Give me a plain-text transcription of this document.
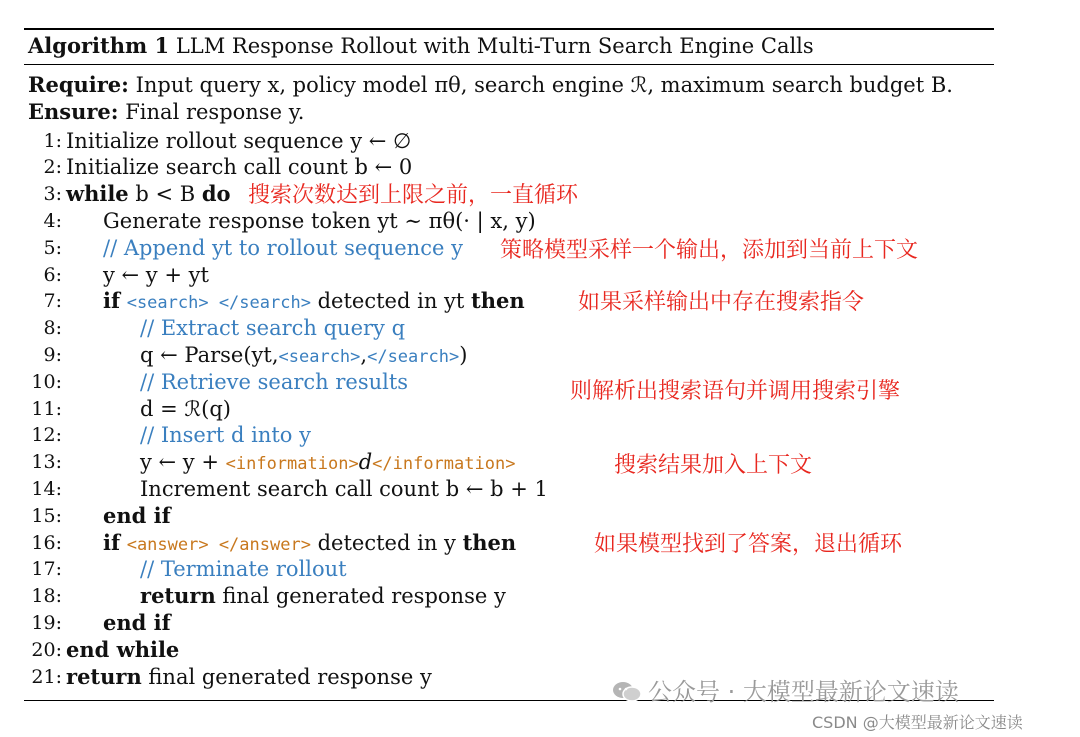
Algorithm 1 LLM Response Rollout with Multi-Turn Search Engine Calls
Require: Input query x, policy model πθ, search engine ℛ, maximum search budget B.
Ensure: Final response y.
1:
2:
3:
4:
5:
6:
7:
8:
9:
10:
11:
12:
13:
14:
15:
16:
17:
18:
19:
20:
21:
Initialize rollout sequence y ← ∅
Initialize search call count b ← 0
while b < B do
Generate response token yt ∼ πθ(· | x, y)
// Append yt to rollout sequence y
y ← y + yt
if <search> </search> detected in yt then
// Extract search query q
q ← Parse(yt,<search>,</search>)
// Retrieve search results
d = ℛ(q)
// Insert d into y
y ← y + <information>d</information>
Increment search call count b ← b + 1
end if
if <answer> </answer> detected in y then
// Terminate rollout
return final generated response y
end if
end while
return final generated response y
搜索次数达到上限之前，一直循环
策略模型采样一个输出，添加到当前上下文
如果采样输出中存在搜索指令
则解析出搜索语句并调用搜索引擎
搜索结果加入上下文
如果模型找到了答案，退出循环
公众号 · 大模型最新论文速读
CSDN @大模型最新论文速读
